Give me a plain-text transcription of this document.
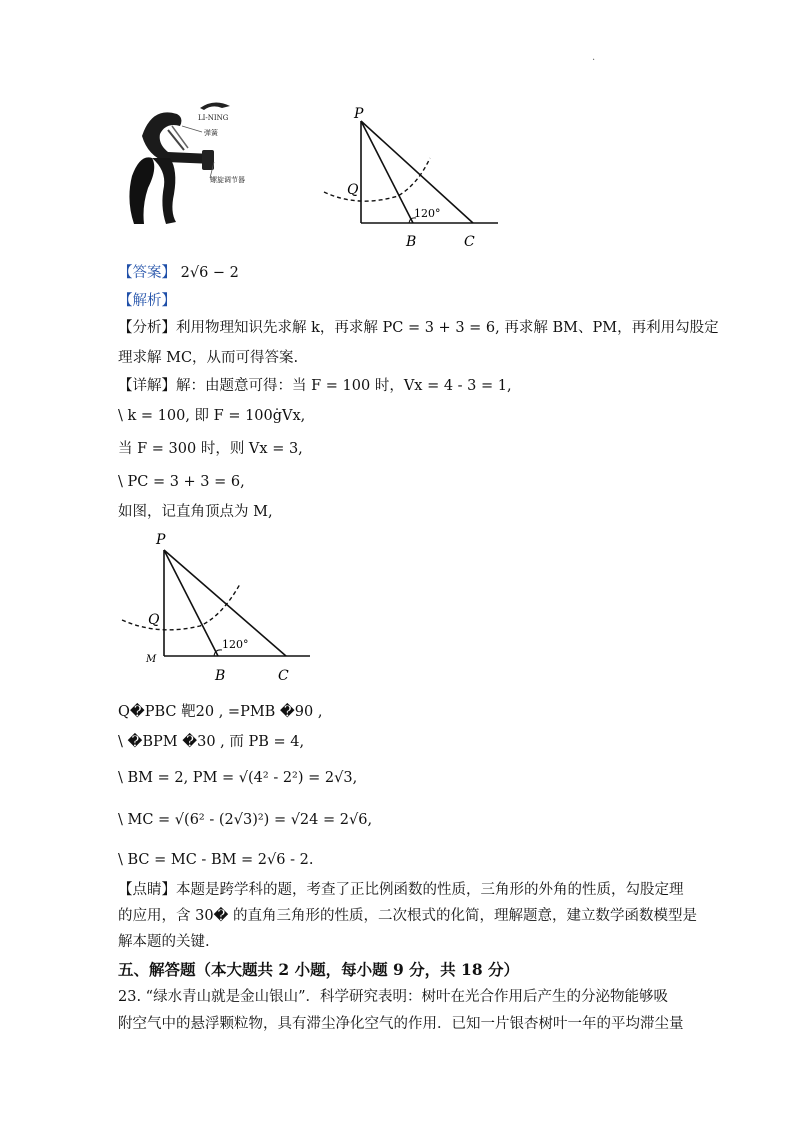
.
LI-NING
弹簧
螺旋调节器
P
Q
B	C
120°
【答案】 2√6 − 2
【解析】
【分析】利用物理知识先求解 k，再求解 PC = 3 + 3 = 6, 再求解 BM、PM，再利用勾股定
理求解 MC，从而可得答案.
【详解】解：由题意可得：当 F = 100 时，Vx = 4 - 3 = 1,
\ k = 100, 即 F = 100ġVx,
当 F = 300 时，则 Vx = 3,
\ PC = 3 + 3 = 6,
如图，记直角顶点为 M,
P
Q
M
B	C
120°
Q�PBC 靶20 , =PMB �90 ,
\ �BPM �30 , 而 PB = 4,
\ BM = 2, PM = √(4² - 2²) = 2√3,
\ MC = √(6² - (2√3)²) = √24 = 2√6,
\ BC = MC - BM = 2√6 - 2.
【点睛】本题是跨学科的题，考查了正比例函数的性质，三角形的外角的性质，勾股定理
的应用，含 30� 的直角三角形的性质，二次根式的化简，理解题意，建立数学函数模型是
解本题的关键.
五、解答题（本大题共 2 小题，每小题 9 分，共 18 分）
23. “绿水青山就是金山银山”．科学研究表明：树叶在光合作用后产生的分泌物能够吸
附空气中的悬浮颗粒物，具有滞尘净化空气的作用．已知一片银杏树叶一年的平均滞尘量
